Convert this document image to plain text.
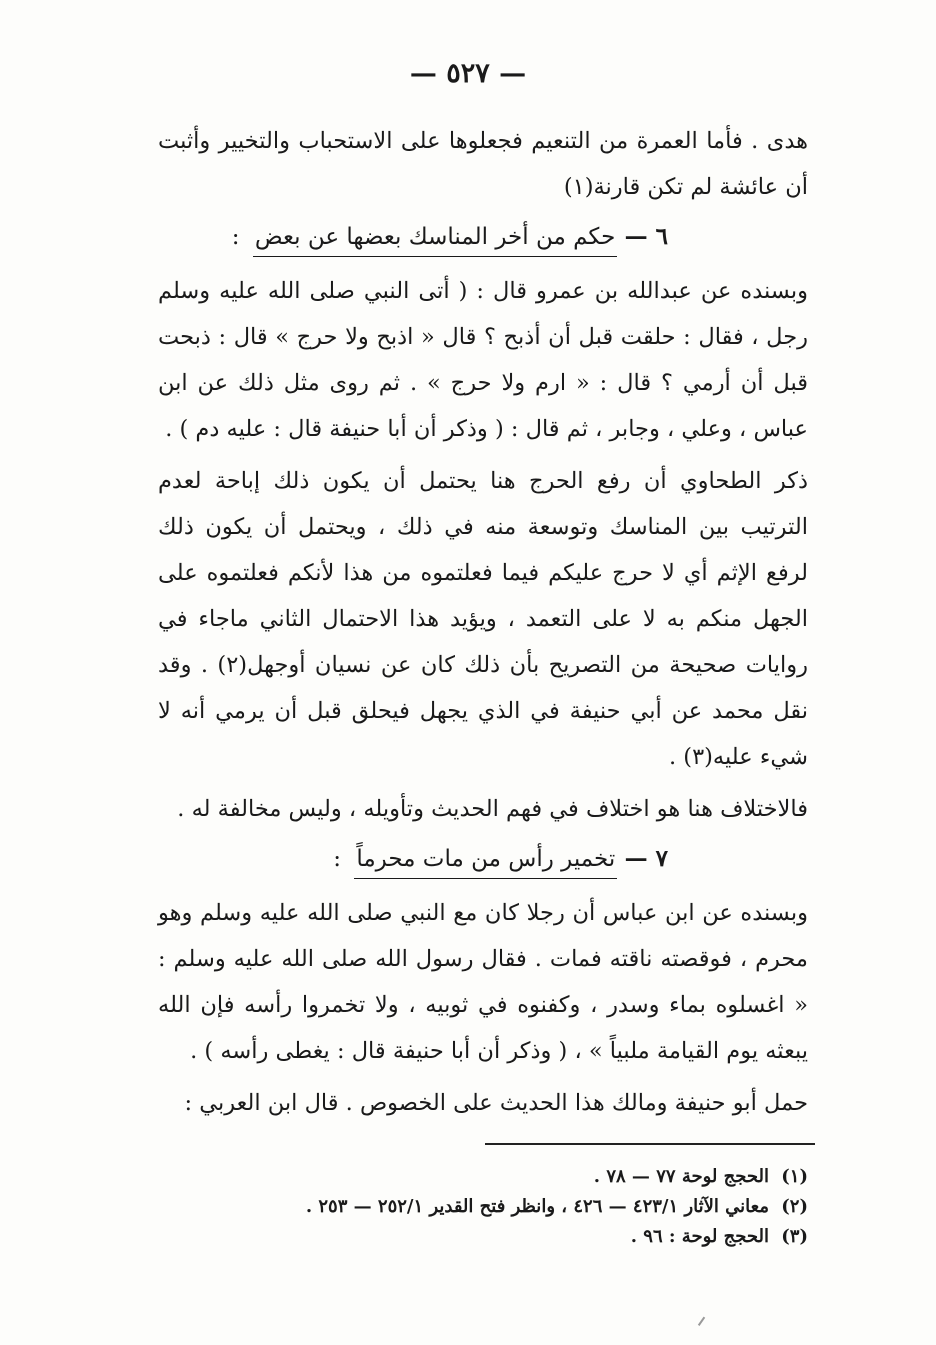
— ٥٢٧ —

هدى . فأما العمرة من التنعيم فجعلوها على الاستحباب والتخيير وأثبت أن عائشة لم تكن قارنة(١)

٦ — حكم من أخر المناسك بعضها عن بعض :

وبسنده عن عبدالله بن عمرو قال : ( أتى النبي صلى الله عليه وسلم رجل ، فقال : حلقت قبل أن أذبح ؟ قال « اذبح ولا حرج » قال : ذبحت قبل أن أرمي ؟ قال : « ارم ولا حرج » . ثم روى مثل ذلك عن ابن عباس ، وعلي ، وجابر ، ثم قال : ( وذكر أن أبا حنيفة قال : عليه دم ) .

ذكر الطحاوي أن رفع الحرج هنا يحتمل أن يكون ذلك إباحة لعدم الترتيب بين المناسك وتوسعة منه في ذلك ، ويحتمل أن يكون ذلك لرفع الإثم أي لا حرج عليكم فيما فعلتموه من هذا لأنكم فعلتموه على الجهل منكم به لا على التعمد ، ويؤيد هذا الاحتمال الثاني ماجاء في روايات صحيحة من التصريح بأن ذلك كان عن نسيان أوجهل(٢) . وقد نقل محمد عن أبي حنيفة في الذي يجهل فيحلق قبل أن يرمي أنه لا شيء عليه(٣) .

فالاختلاف هنا هو اختلاف في فهم الحديث وتأويله ، وليس مخالفة له .

٧ — تخمير رأس من مات محرماً :

وبسنده عن ابن عباس أن رجلا كان مع النبي صلى الله عليه وسلم وهو محرم ، فوقصته ناقته فمات . فقال رسول الله صلى الله عليه وسلم : « اغسلوه بماء وسدر ، وكفنوه في ثوبيه ، ولا تخمروا رأسه فإن الله يبعثه يوم القيامة ملبياً » ، ( وذكر أن أبا حنيفة قال : يغطى رأسه ) .

حمل أبو حنيفة ومالك هذا الحديث على الخصوص . قال ابن العربي :

(١) الحجج لوحة ٧٧ — ٧٨ .

(٢) معاني الآثار ٤٢٣/١ — ٤٢٦ ، وانظر فتح القدير ٢٥٢/١ — ٢٥٣ .

(٣) الحجج لوحة : ٩٦ .
